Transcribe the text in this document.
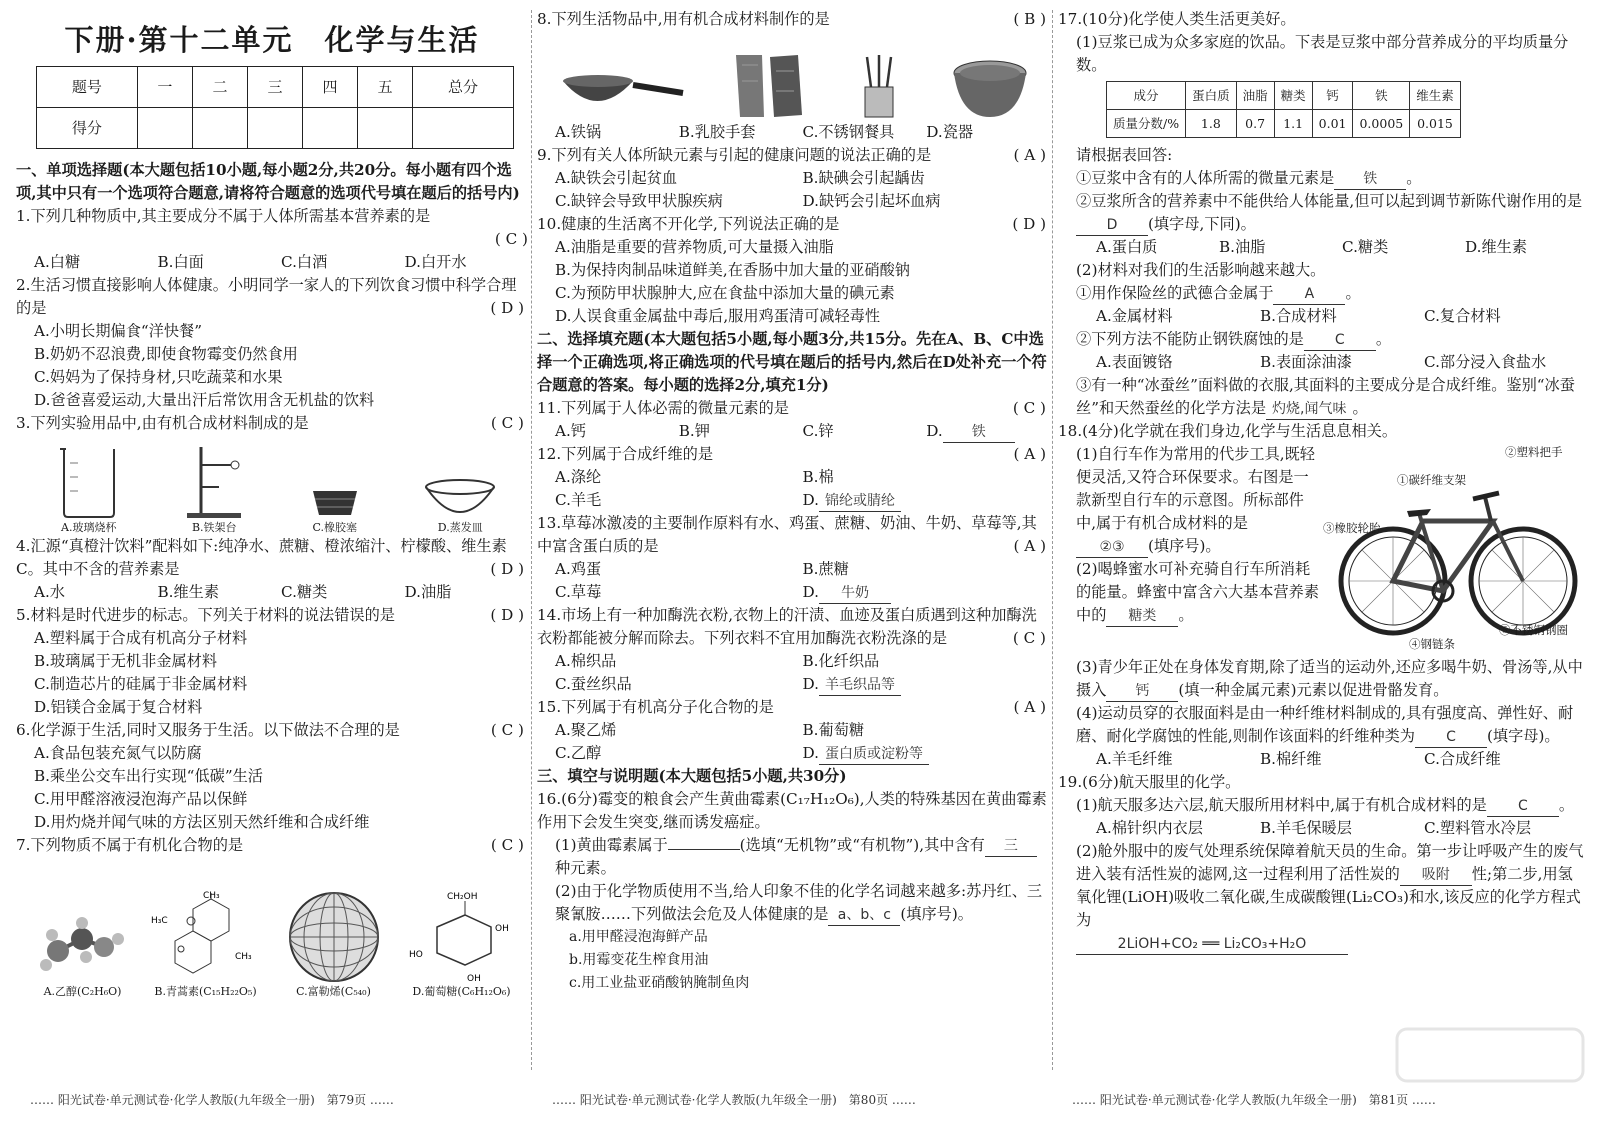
下册·第十二单元　化学与生活
题号	一	二	三	四	五	总分
得分						

一、单项选择题(本大题包括10小题,每小题2分,共20分。每小题有四个选项,其中只有一个选项符合题意,请将符合题意的选项代号填在题后的括号内)

1.下列几种物质中,其主要成分不属于人体所需基本营养素的是

( C )

A.白糖	B.白面	C.白酒	D.白开水

2.生活习惯直接影响人体健康。小明同学一家人的下列饮食习惯中科学合理的是	( D )

A.小明长期偏食“洋快餐”

B.奶奶不忍浪费,即使食物霉变仍然食用

C.妈妈为了保持身材,只吃蔬菜和水果

D.爸爸喜爱运动,大量出汗后常饮用含无机盐的饮料

3.下列实验用品中,由有机合成材料制成的是	( C )

A.玻璃烧杯	B.铁架台	C.橡胶塞	D.蒸发皿

4.汇源“真橙汁饮料”配料如下:纯净水、蔗糖、橙浓缩汁、柠檬酸、维生素C。其中不含的营养素是	( D )

A.水	B.维生素	C.糖类	D.油脂

5.材料是时代进步的标志。下列关于材料的说法错误的是	( D )

A.塑料属于合成有机高分子材料

B.玻璃属于无机非金属材料

C.制造芯片的硅属于非金属材料

D.铝镁合金属于复合材料

6.化学源于生活,同时又服务于生活。以下做法不合理的是	( C )

A.食品包装充氮气以防腐

B.乘坐公交车出行实现“低碳”生活

C.用甲醛溶液浸泡海产品以保鲜

D.用灼烧并闻气味的方法区别天然纤维和合成纤维

7.下列物质不属于有机化合物的是	( C )

A.乙醇(C₂H₆O)
CH₃
H₃C
CH₃
B.青蒿素(C₁₅H₂₂O₅)	C.富勒烯(C₅₄₀)
CH₂OH
OH
HO
OH
D.葡萄糖(C₆H₁₂O₆)

8.下列生活物品中,用有机合成材料制作的是	( B )

A.铁锅	B.乳胶手套	C.不锈钢餐具	D.瓷器

9.下列有关人体所缺元素与引起的健康问题的说法正确的是	( A )

A.缺铁会引起贫血	B.缺碘会引起龋齿
C.缺锌会导致甲状腺疾病	D.缺钙会引起坏血病

10.健康的生活离不开化学,下列说法正确的是	( D )

A.油脂是重要的营养物质,可大量摄入油脂

B.为保持肉制品味道鲜美,在香肠中加大量的亚硝酸钠

C.为预防甲状腺肿大,应在食盐中添加大量的碘元素

D.人误食重金属盐中毒后,服用鸡蛋清可减轻毒性

二、选择填充题(本大题包括5小题,每小题3分,共15分。先在A、B、C中选择一个正确选项,将正确选项的代号填在题后的括号内,然后在D处补充一个符合题意的答案。每小题的选择2分,填充1分)

11.下列属于人体必需的微量元素的是	( C )

A.钙	B.钾	C.锌	D. 铁

12.下列属于合成纤维的是	( A )

A.涤纶	B.棉
C.羊毛	D. 锦纶或腈纶

13.草莓冰激凌的主要制作原料有水、鸡蛋、蔗糖、奶油、牛奶、草莓等,其中富含蛋白质的是	( A )

A.鸡蛋	B.蔗糖
C.草莓	D. 牛奶

14.市场上有一种加酶洗衣粉,衣物上的汗渍、血迹及蛋白质遇到这种加酶洗衣粉都能被分解而除去。下列衣料不宜用加酶洗衣粉洗涤的是	( C )

A.棉织品	B.化纤织品
C.蚕丝织品	D. 羊毛织品等

15.下列属于有机高分子化合物的是	( A )

A.聚乙烯	B.葡萄糖
C.乙醇	D. 蛋白质或淀粉等

三、填空与说明题(本大题包括5小题,共30分)

16.(6分)霉变的粮食会产生黄曲霉素(C₁₇H₁₂O₆),人类的特殊基因在黄曲霉素作用下会发生突变,继而诱发癌症。

(1)黄曲霉素属于	(选填“无机物”或“有机物”),其中含有 三种元素。

(2)由于化学物质使用不当,给人印象不佳的化学名词越来越多:苏丹红、三聚氰胺……下列做法会危及人体健康的是 a、b、c (填序号)。

a.用甲醛浸泡海鲜产品

b.用霉变花生榨食用油

c.用工业盐亚硝酸钠腌制鱼肉

17.(10分)化学使人类生活更美好。

(1)豆浆已成为众多家庭的饮品。下表是豆浆中部分营养成分的平均质量分数。

成分	蛋白质	油脂	糖类	钙	铁	维生素
质量分数/%	1.8	0.7	1.1	0.01	0.0005	0.015

请根据表回答:

①豆浆中含有的人体所需的微量元素是 铁 。

②豆浆所含的营养素中不能供给人体能量,但可以起到调节新陈代谢作用的是D (填字母,下同)。

A.蛋白质	B.油脂	C.糖类	D.维生素

(2)材料对我们的生活影响越来越大。

①用作保险丝的武德合金属于 A 。

A.金属材料	B.合成材料	C.复合材料

②下列方法不能防止钢铁腐蚀的是 C 。

A.表面镀铬	B.表面涂油漆	C.部分浸入食盐水

③有一种“冰蚕丝”面料做的衣服,其面料的主要成分是合成纤维。鉴别“冰蚕丝”和天然蚕丝的化学方法是 灼烧,闻气味 。

18.(4分)化学就在我们身边,化学与生活息息相关。

②塑料把手
①碳纤维支架
③橡胶轮胎
④钢链条
⑤不锈钢钢圈

(1)自行车作为常用的代步工具,既轻便灵活,又符合环保要求。右图是一款新型自行车的示意图。所标部件中,属于有机合成材料的是②③ (填序号)。

(2)喝蜂蜜水可补充骑自行车所消耗的能量。蜂蜜中富含六大基本营养素中的 糖类 。

(3)青少年正处在身体发育期,除了适当的运动外,还应多喝牛奶、骨汤等,从中摄入 钙 (填一种金属元素)元素以促进骨骼发育。

(4)运动员穿的衣服面料是由一种纤维材料制成的,具有强度高、弹性好、耐磨、耐化学腐蚀的性能,则制作该面料的纤维种类为 C (填字母)。

A.羊毛纤维	B.棉纤维	C.合成纤维

19.(6分)航天服里的化学。

(1)航天服多达六层,航天服所用材料中,属于有机合成材料的是 C 。

A.棉针织内衣层	B.羊毛保暖层	C.塑料管水冷层

(2)舱外服中的废气处理系统保障着航天员的生命。第一步让呼吸产生的废气进入装有活性炭的滤网,这一过程利用了活性炭的 吸附 性;第二步,用氢氧化锂(LiOH)吸收二氧化碳,生成碳酸锂(Li₂CO₃)和水,该反应的化学方程式为

2LiOH+CO₂ ══ Li₂CO₃+H₂O

…… 阳光试卷·单元测试卷·化学人教版(九年级全一册)　第79页 ……	…… 阳光试卷·单元测试卷·化学人教版(九年级全一册)　第80页 ……	…… 阳光试卷·单元测试卷·化学人教版(九年级全一册)　第81页 ……
